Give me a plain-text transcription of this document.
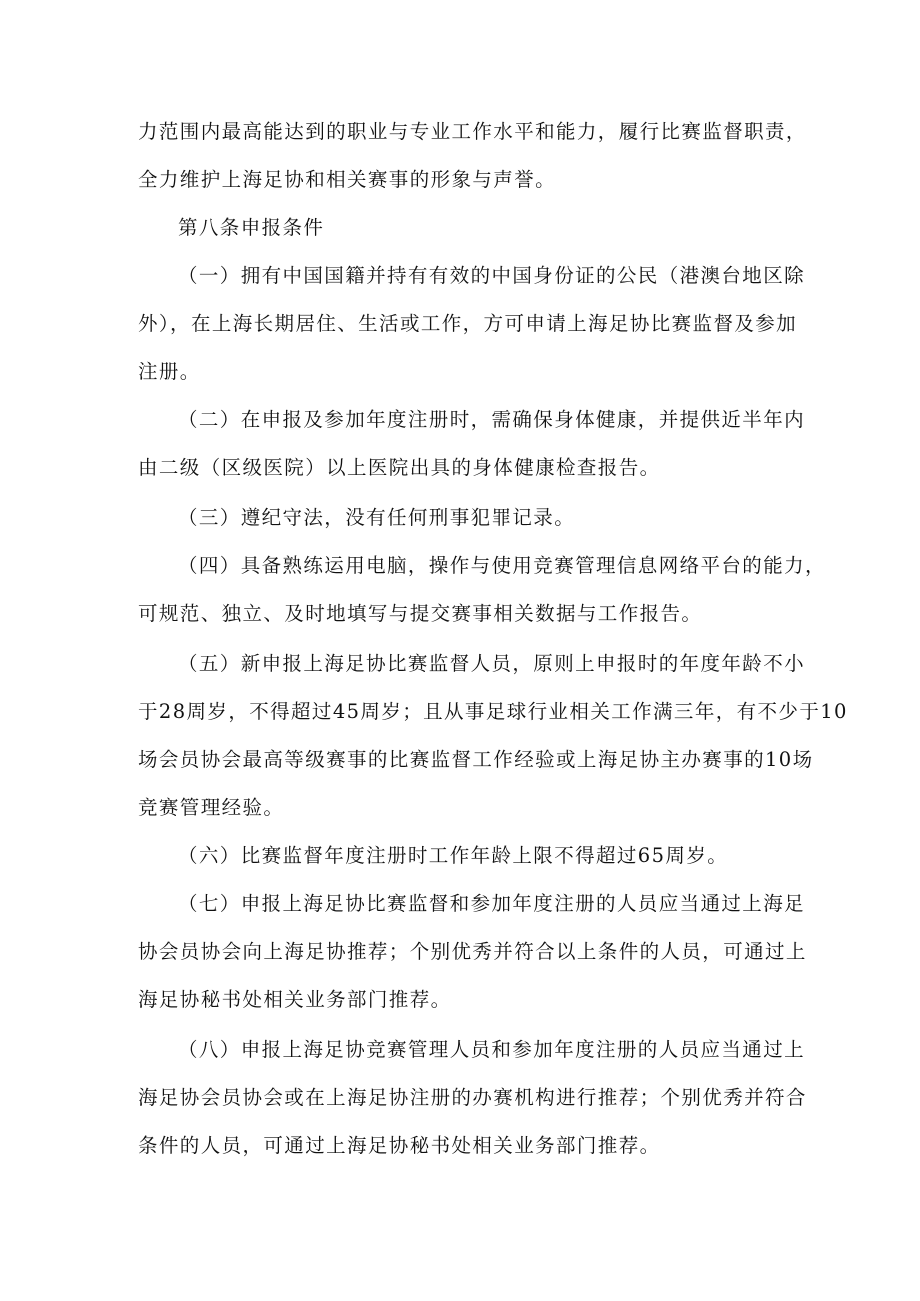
力范围内最高能达到的职业与专业工作水平和能力，履行比赛监督职责，
全力维护上海足协和相关赛事的形象与声誉。
第八条申报条件
（一）拥有中国国籍并持有有效的中国身份证的公民（港澳台地区除
外），在上海长期居住、生活或工作，方可申请上海足协比赛监督及参加
注册。
（二）在申报及参加年度注册时，需确保身体健康，并提供近半年内
由二级（区级医院）以上医院出具的身体健康检查报告。
（三）遵纪守法，没有任何刑事犯罪记录。
（四）具备熟练运用电脑，操作与使用竞赛管理信息网络平台的能力，
可规范、独立、及时地填写与提交赛事相关数据与工作报告。
（五）新申报上海足协比赛监督人员，原则上申报时的年度年龄不小
于28周岁，不得超过45周岁；且从事足球行业相关工作满三年，有不少于10
场会员协会最高等级赛事的比赛监督工作经验或上海足协主办赛事的10场
竞赛管理经验。
（六）比赛监督年度注册时工作年龄上限不得超过65周岁。
（七）申报上海足协比赛监督和参加年度注册的人员应当通过上海足
协会员协会向上海足协推荐；个别优秀并符合以上条件的人员，可通过上
海足协秘书处相关业务部门推荐。
（八）申报上海足协竞赛管理人员和参加年度注册的人员应当通过上
海足协会员协会或在上海足协注册的办赛机构进行推荐；个别优秀并符合
条件的人员，可通过上海足协秘书处相关业务部门推荐。
